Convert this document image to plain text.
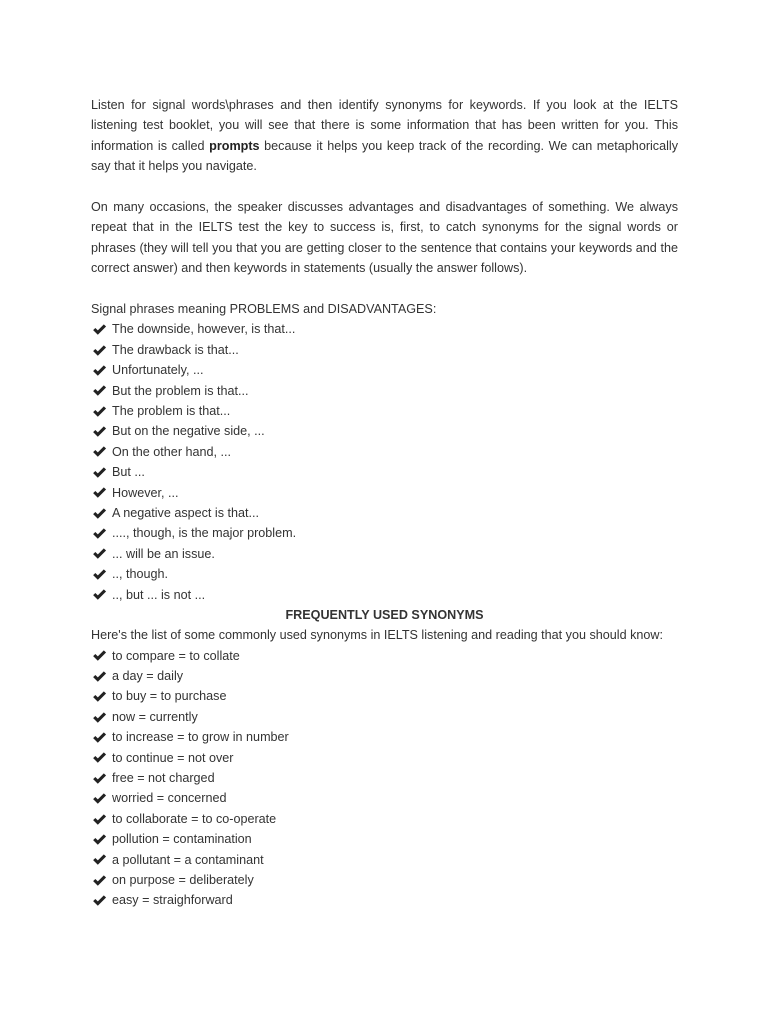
Listen for signal words\phrases and then identify synonyms for keywords. If you look at the IELTS listening test booklet, you will see that there is some information that has been written for you. This information is called prompts because it helps you keep track of the recording. We can metaphorically say that it helps you navigate.

On many occasions, the speaker discusses advantages and disadvantages of something. We always repeat that in the IELTS test the key to success is, first, to catch synonyms for the signal words or phrases (they will tell you that you are getting closer to the sentence that contains your keywords and the correct answer) and then keywords in statements (usually the answer follows).

Signal phrases meaning PROBLEMS and DISADVANTAGES:

The downside, however, is that...
The drawback is that...
Unfortunately, ...
But the problem is that...
The problem is that...
But on the negative side, ...
On the other hand, ...
But ...
However, ...
A negative aspect is that...
...., though, is the major problem.
... will be an issue.
.., though.
.., but ... is not ...
FREQUENTLY USED SYNONYMS

Here's the list of some commonly used synonyms in IELTS listening and reading that you should know:

to compare = to collate
a day = daily
to buy = to purchase
now = currently
to increase = to grow in number
to continue = not over
free = not charged
worried = concerned
to collaborate = to co-operate
pollution = contamination
a pollutant = a contaminant
on purpose = deliberately
easy = straighforward
